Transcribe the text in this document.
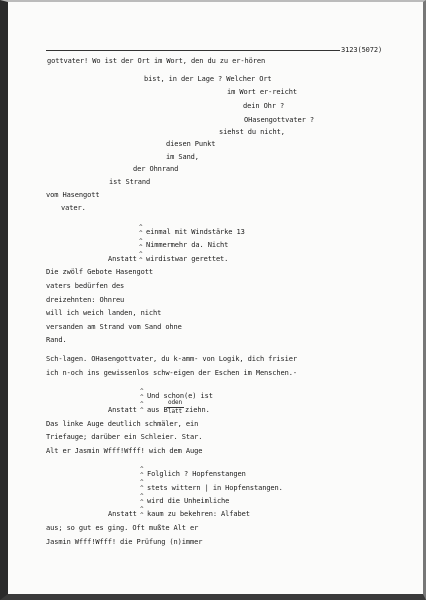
3123(5072)
gottvater! Wo ist der Ort im Wort, den du zu er-hören
bist, in der Lage ? Welcher Ort
im Wort er-reicht
dein Ohr ?
OHasengottvater ?
siehst du nicht,
diesen Punkt
im Sand,
der Ohnrand
ist Strand
vom Hasengott
vater.
^
^ einmal mit Windstärke 13
^
^ Nimmermehr da. Nicht
^
^
Anstatt wirdistwar gerettet.
Die zwölf Gebote Hasengott
vaters bedürfen des
dreizehnten: Ohnreu
will ich weich landen, nicht
versanden am Strand vom Sand ohne
Rand.
Sch-lagen. OHasengottvater, du k-amm- von Logik, dich frisier
ich n-och ins gewissenlos schw-eigen der Eschen im Menschen.-
^
^ Und schon(e) ist
^
^
Anstatt aus B
oden
latt ziehn.
Das linke Auge deutlich schmäler, ein
Triefauge; darüber ein Schleier. Star.
Alt er Jasmin Wfff!Wfff! wich dem Auge
^
^ Folglich ? Hopfenstangen
^
^ stets wittern | in Hopfenstangen.
^
^ wird die Unheimliche
^
^
Anstatt kaum zu bekehren: Alfabet
aus; so gut es ging. Oft mußte Alt er
Jasmin Wfff!Wfff! die Prüfung (n)immer
